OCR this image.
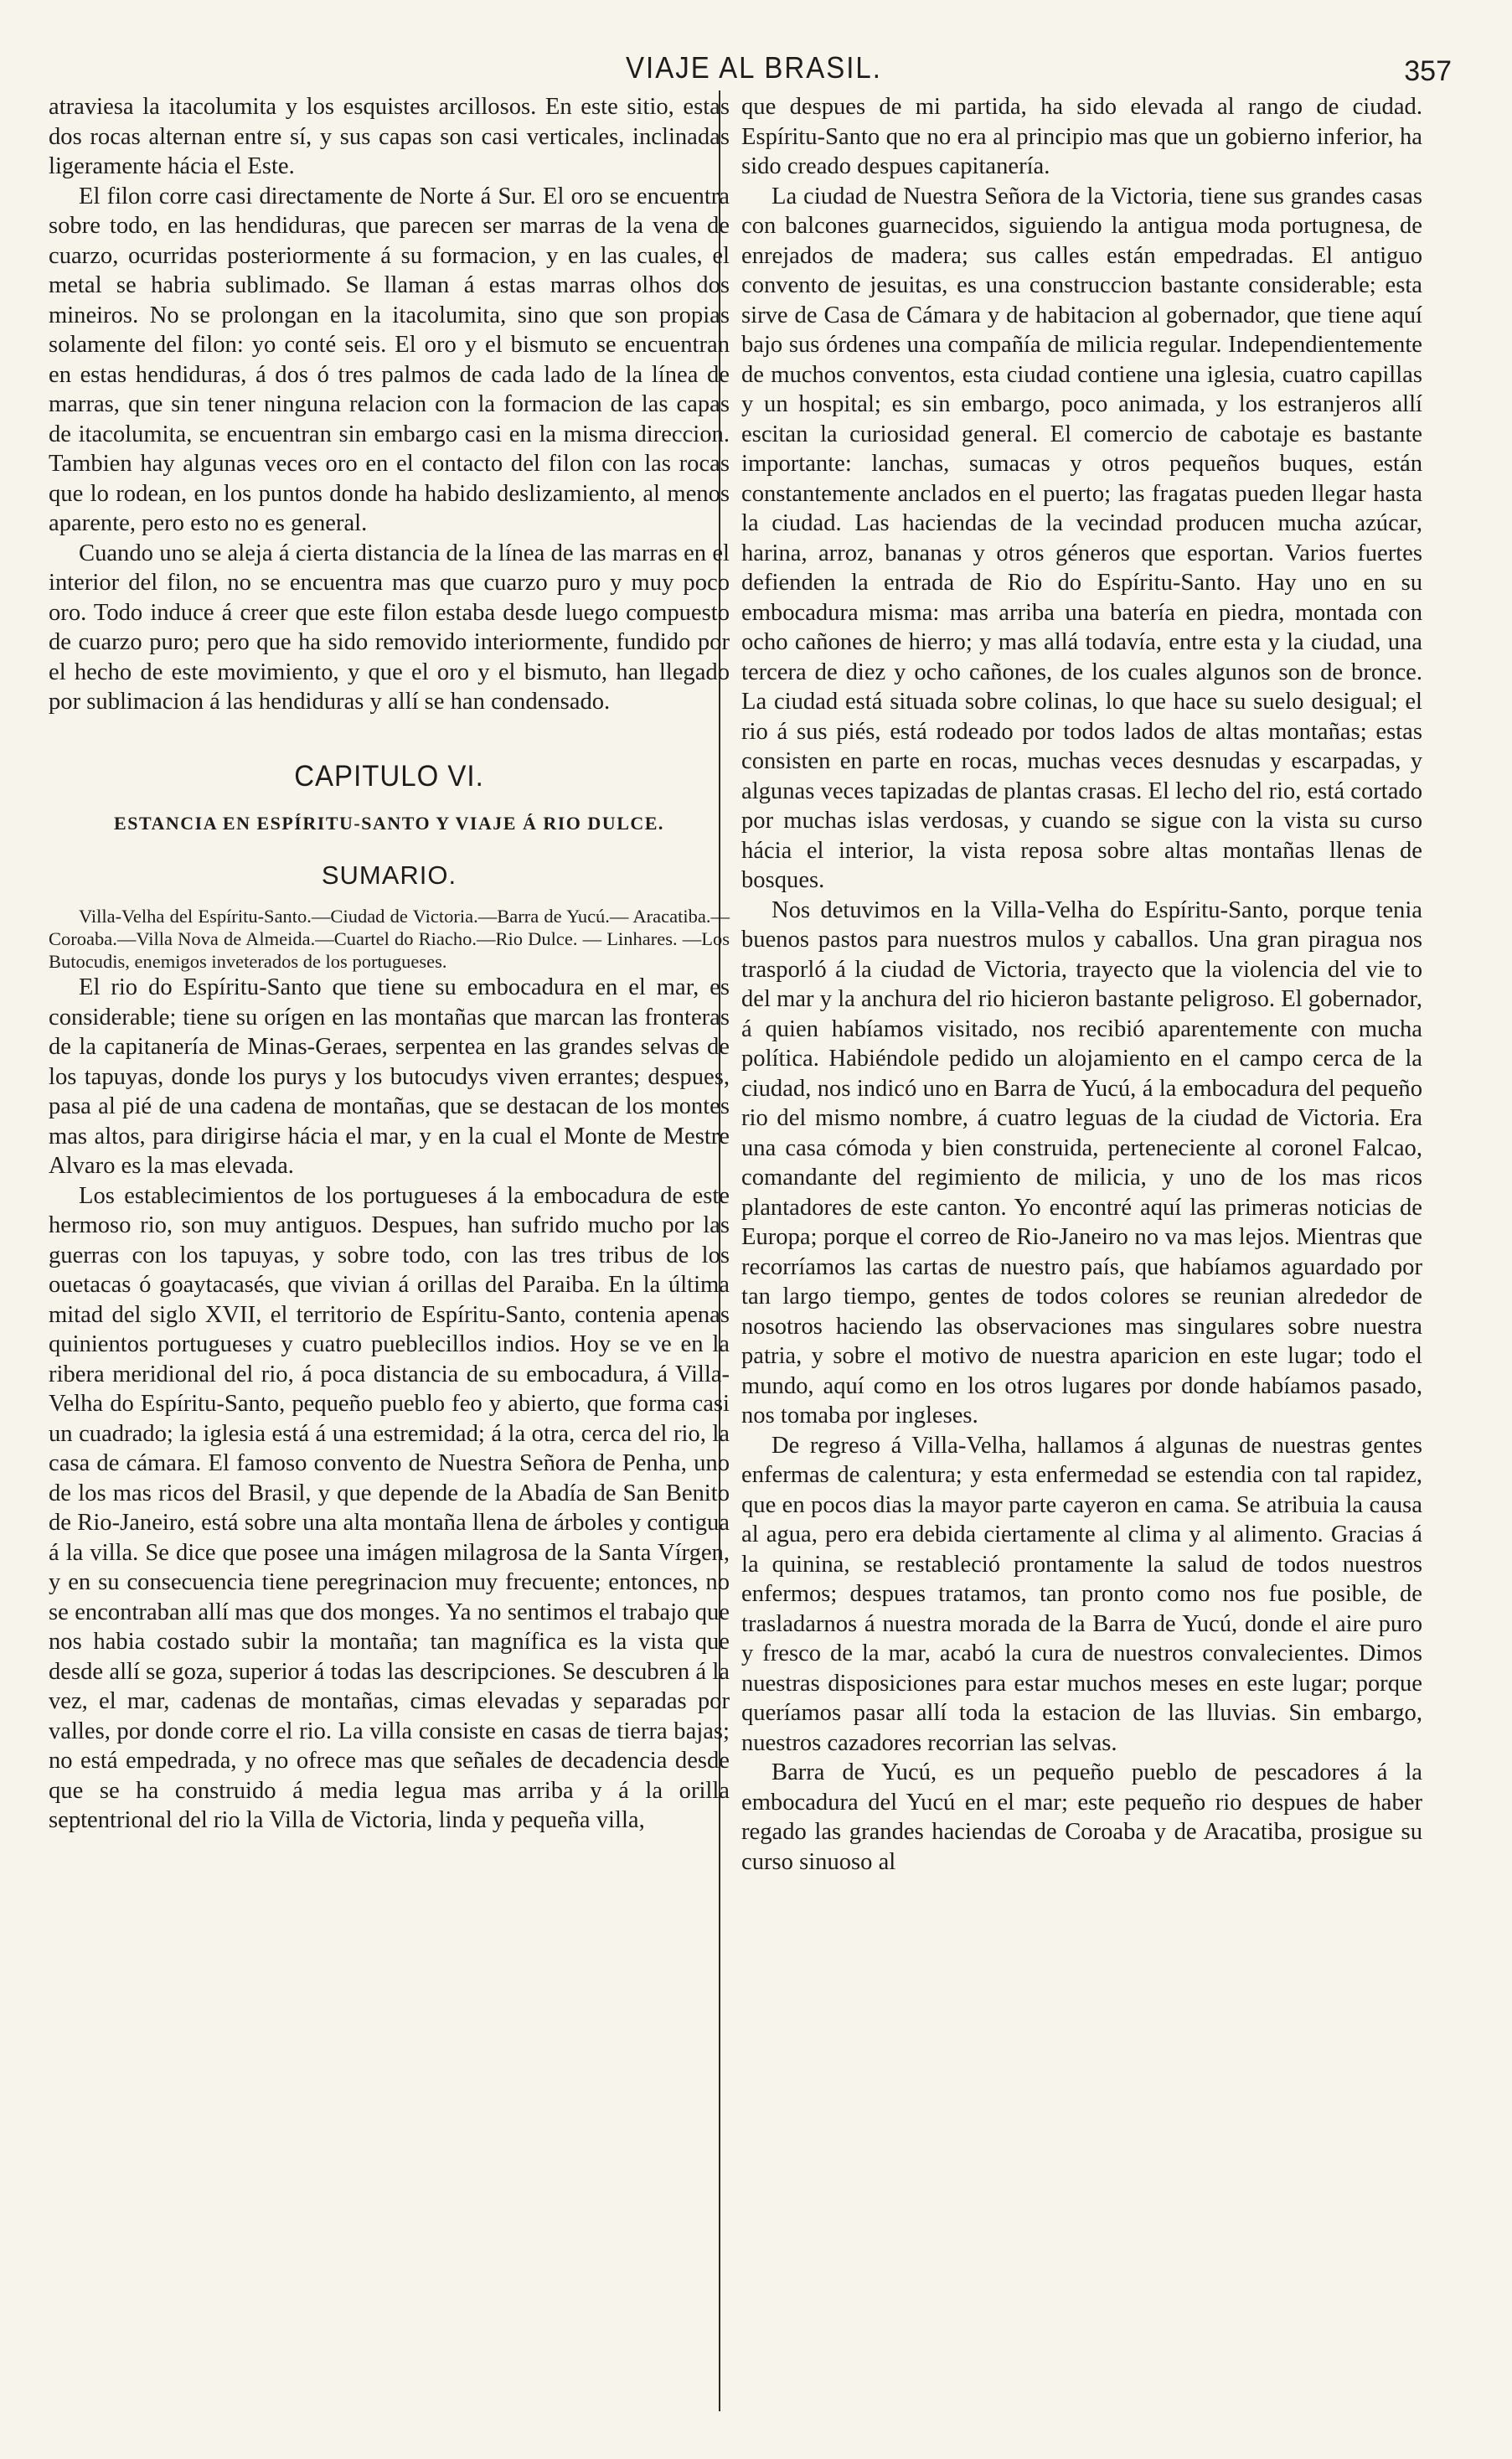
VIAJE AL BRASIL.	357

atraviesa la itacolumita y los esquistes arcillosos. En este sitio, estas dos rocas alternan entre sí, y sus capas son casi verticales, inclinadas ligeramente hácia el Este.

El filon corre casi directamente de Norte á Sur. El oro se encuentra sobre todo, en las hendiduras, que parecen ser marras de la vena de cuarzo, ocurridas posteriormente á su formacion, y en las cuales, el metal se habria sublimado. Se llaman á estas marras olhos dos mineiros. No se prolongan en la itacolumita, sino que son propias solamente del filon: yo conté seis. El oro y el bismuto se encuentran en estas hendiduras, á dos ó tres palmos de cada lado de la línea de marras, que sin tener ninguna relacion con la formacion de las capas de itacolumita, se encuentran sin embargo casi en la misma direccion. Tambien hay algunas veces oro en el contacto del filon con las rocas que lo rodean, en los puntos donde ha habido deslizamiento, al menos aparente, pero esto no es general.

Cuando uno se aleja á cierta distancia de la línea de las marras en el interior del filon, no se encuentra mas que cuarzo puro y muy poco oro. Todo induce á creer que este filon estaba desde luego compuesto de cuarzo puro; pero que ha sido removido interiormente, fundido por el hecho de este movimiento, y que el oro y el bismuto, han llegado por sublimacion á las hendiduras y allí se han condensado.

CAPITULO VI.
ESTANCIA EN ESPÍRITU-SANTO Y VIAJE Á RIO DULCE.
SUMARIO.

Villa-Velha del Espíritu-Santo.—Ciudad de Victoria.—Barra de Yucú.— Aracatiba.—Coroaba.—Villa Nova de Almeida.—Cuartel do Riacho.—Rio Dulce. — Linhares. —Los Butocudis, enemigos inveterados de los portugueses.

El rio do Espíritu-Santo que tiene su embocadura en el mar, es considerable; tiene su orígen en las montañas que marcan las fronteras de la capitanería de Minas-Geraes, serpentea en las grandes selvas de los tapuyas, donde los purys y los butocudys viven errantes; despues, pasa al pié de una cadena de montañas, que se destacan de los montes mas altos, para dirigirse hácia el mar, y en la cual el Monte de Mestre Alvaro es la mas elevada.

Los establecimientos de los portugueses á la embocadura de este hermoso rio, son muy antiguos. Despues, han sufrido mucho por las guerras con los tapuyas, y sobre todo, con las tres tribus de los ouetacas ó goaytacasés, que vivian á orillas del Paraiba. En la última mitad del siglo XVII, el territorio de Espíritu-Santo, contenia apenas quinientos portugueses y cuatro pueblecillos indios. Hoy se ve en la ribera meridional del rio, á poca distancia de su embocadura, á Villa-Velha do Espíritu-Santo, pequeño pueblo feo y abierto, que forma casi un cuadrado; la iglesia está á una estremidad; á la otra, cerca del rio, la casa de cámara. El famoso convento de Nuestra Señora de Penha, uno de los mas ricos del Brasil, y que depende de la Abadía de San Benito de Rio-Janeiro, está sobre una alta montaña llena de árboles y contigua á la villa. Se dice que posee una imágen milagrosa de la Santa Vírgen, y en su consecuencia tiene peregrinacion muy frecuente; entonces, no se encontraban allí mas que dos monges. Ya no sentimos el trabajo que nos habia costado subir la montaña; tan magnífica es la vista que desde allí se goza, superior á todas las descripciones. Se descubren á la vez, el mar, cadenas de montañas, cimas elevadas y separadas por valles, por donde corre el rio. La villa consiste en casas de tierra bajas; no está empedrada, y no ofrece mas que señales de decadencia desde que se ha construido á media legua mas arriba y á la orilla septentrional del rio la Villa de Victoria, linda y pequeña villa,

que despues de mi partida, ha sido elevada al rango de ciudad. Espíritu-Santo que no era al principio mas que un gobierno inferior, ha sido creado despues capitanería.

La ciudad de Nuestra Señora de la Victoria, tiene sus grandes casas con balcones guarnecidos, siguiendo la antigua moda portugnesa, de enrejados de madera; sus calles están empedradas. El antiguo convento de jesuitas, es una construccion bastante considerable; esta sirve de Casa de Cámara y de habitacion al gobernador, que tiene aquí bajo sus órdenes una compañía de milicia regular. Independientemente de muchos conventos, esta ciudad contiene una iglesia, cuatro capillas y un hospital; es sin embargo, poco animada, y los estranjeros allí escitan la curiosidad general. El comercio de cabotaje es bastante importante: lanchas, sumacas y otros pequeños buques, están constantemente anclados en el puerto; las fragatas pueden llegar hasta la ciudad. Las haciendas de la vecindad producen mucha azúcar, harina, arroz, bananas y otros géneros que esportan. Varios fuertes defienden la entrada de Rio do Espíritu-Santo. Hay uno en su embocadura misma: mas arriba una batería en piedra, montada con ocho cañones de hierro; y mas allá todavía, entre esta y la ciudad, una tercera de diez y ocho cañones, de los cuales algunos son de bronce. La ciudad está situada sobre colinas, lo que hace su suelo desigual; el rio á sus piés, está rodeado por todos lados de altas montañas; estas consisten en parte en rocas, muchas veces desnudas y escarpadas, y algunas veces tapizadas de plantas crasas. El lecho del rio, está cortado por muchas islas verdosas, y cuando se sigue con la vista su curso hácia el interior, la vista reposa sobre altas montañas llenas de bosques.

Nos detuvimos en la Villa-Velha do Espíritu-Santo, porque tenia buenos pastos para nuestros mulos y caballos. Una gran piragua nos trasporló á la ciudad de Victoria, trayecto que la violencia del vie to del mar y la anchura del rio hicieron bastante peligroso. El gobernador, á quien habíamos visitado, nos recibió aparentemente con mucha política. Habiéndole pedido un alojamiento en el campo cerca de la ciudad, nos indicó uno en Barra de Yucú, á la embocadura del pequeño rio del mismo nombre, á cuatro leguas de la ciudad de Victoria. Era una casa cómoda y bien construida, perteneciente al coronel Falcao, comandante del regimiento de milicia, y uno de los mas ricos plantadores de este canton. Yo encontré aquí las primeras noticias de Europa; porque el correo de Rio-Janeiro no va mas lejos. Mientras que recorríamos las cartas de nuestro país, que habíamos aguardado por tan largo tiempo, gentes de todos colores se reunian alrededor de nosotros haciendo las observaciones mas singulares sobre nuestra patria, y sobre el motivo de nuestra aparicion en este lugar; todo el mundo, aquí como en los otros lugares por donde habíamos pasado, nos tomaba por ingleses.

De regreso á Villa-Velha, hallamos á algunas de nuestras gentes enfermas de calentura; y esta enfermedad se estendia con tal rapidez, que en pocos dias la mayor parte cayeron en cama. Se atribuia la causa al agua, pero era debida ciertamente al clima y al alimento. Gracias á la quinina, se restableció prontamente la salud de todos nuestros enfermos; despues tratamos, tan pronto como nos fue posible, de trasladarnos á nuestra morada de la Barra de Yucú, donde el aire puro y fresco de la mar, acabó la cura de nuestros convalecientes. Dimos nuestras disposiciones para estar muchos meses en este lugar; porque queríamos pasar allí toda la estacion de las lluvias. Sin embargo, nuestros cazadores recorrian las selvas.

Barra de Yucú, es un pequeño pueblo de pescadores á la embocadura del Yucú en el mar; este pequeño rio despues de haber regado las grandes haciendas de Coroaba y de Aracatiba, prosigue su curso sinuoso al
